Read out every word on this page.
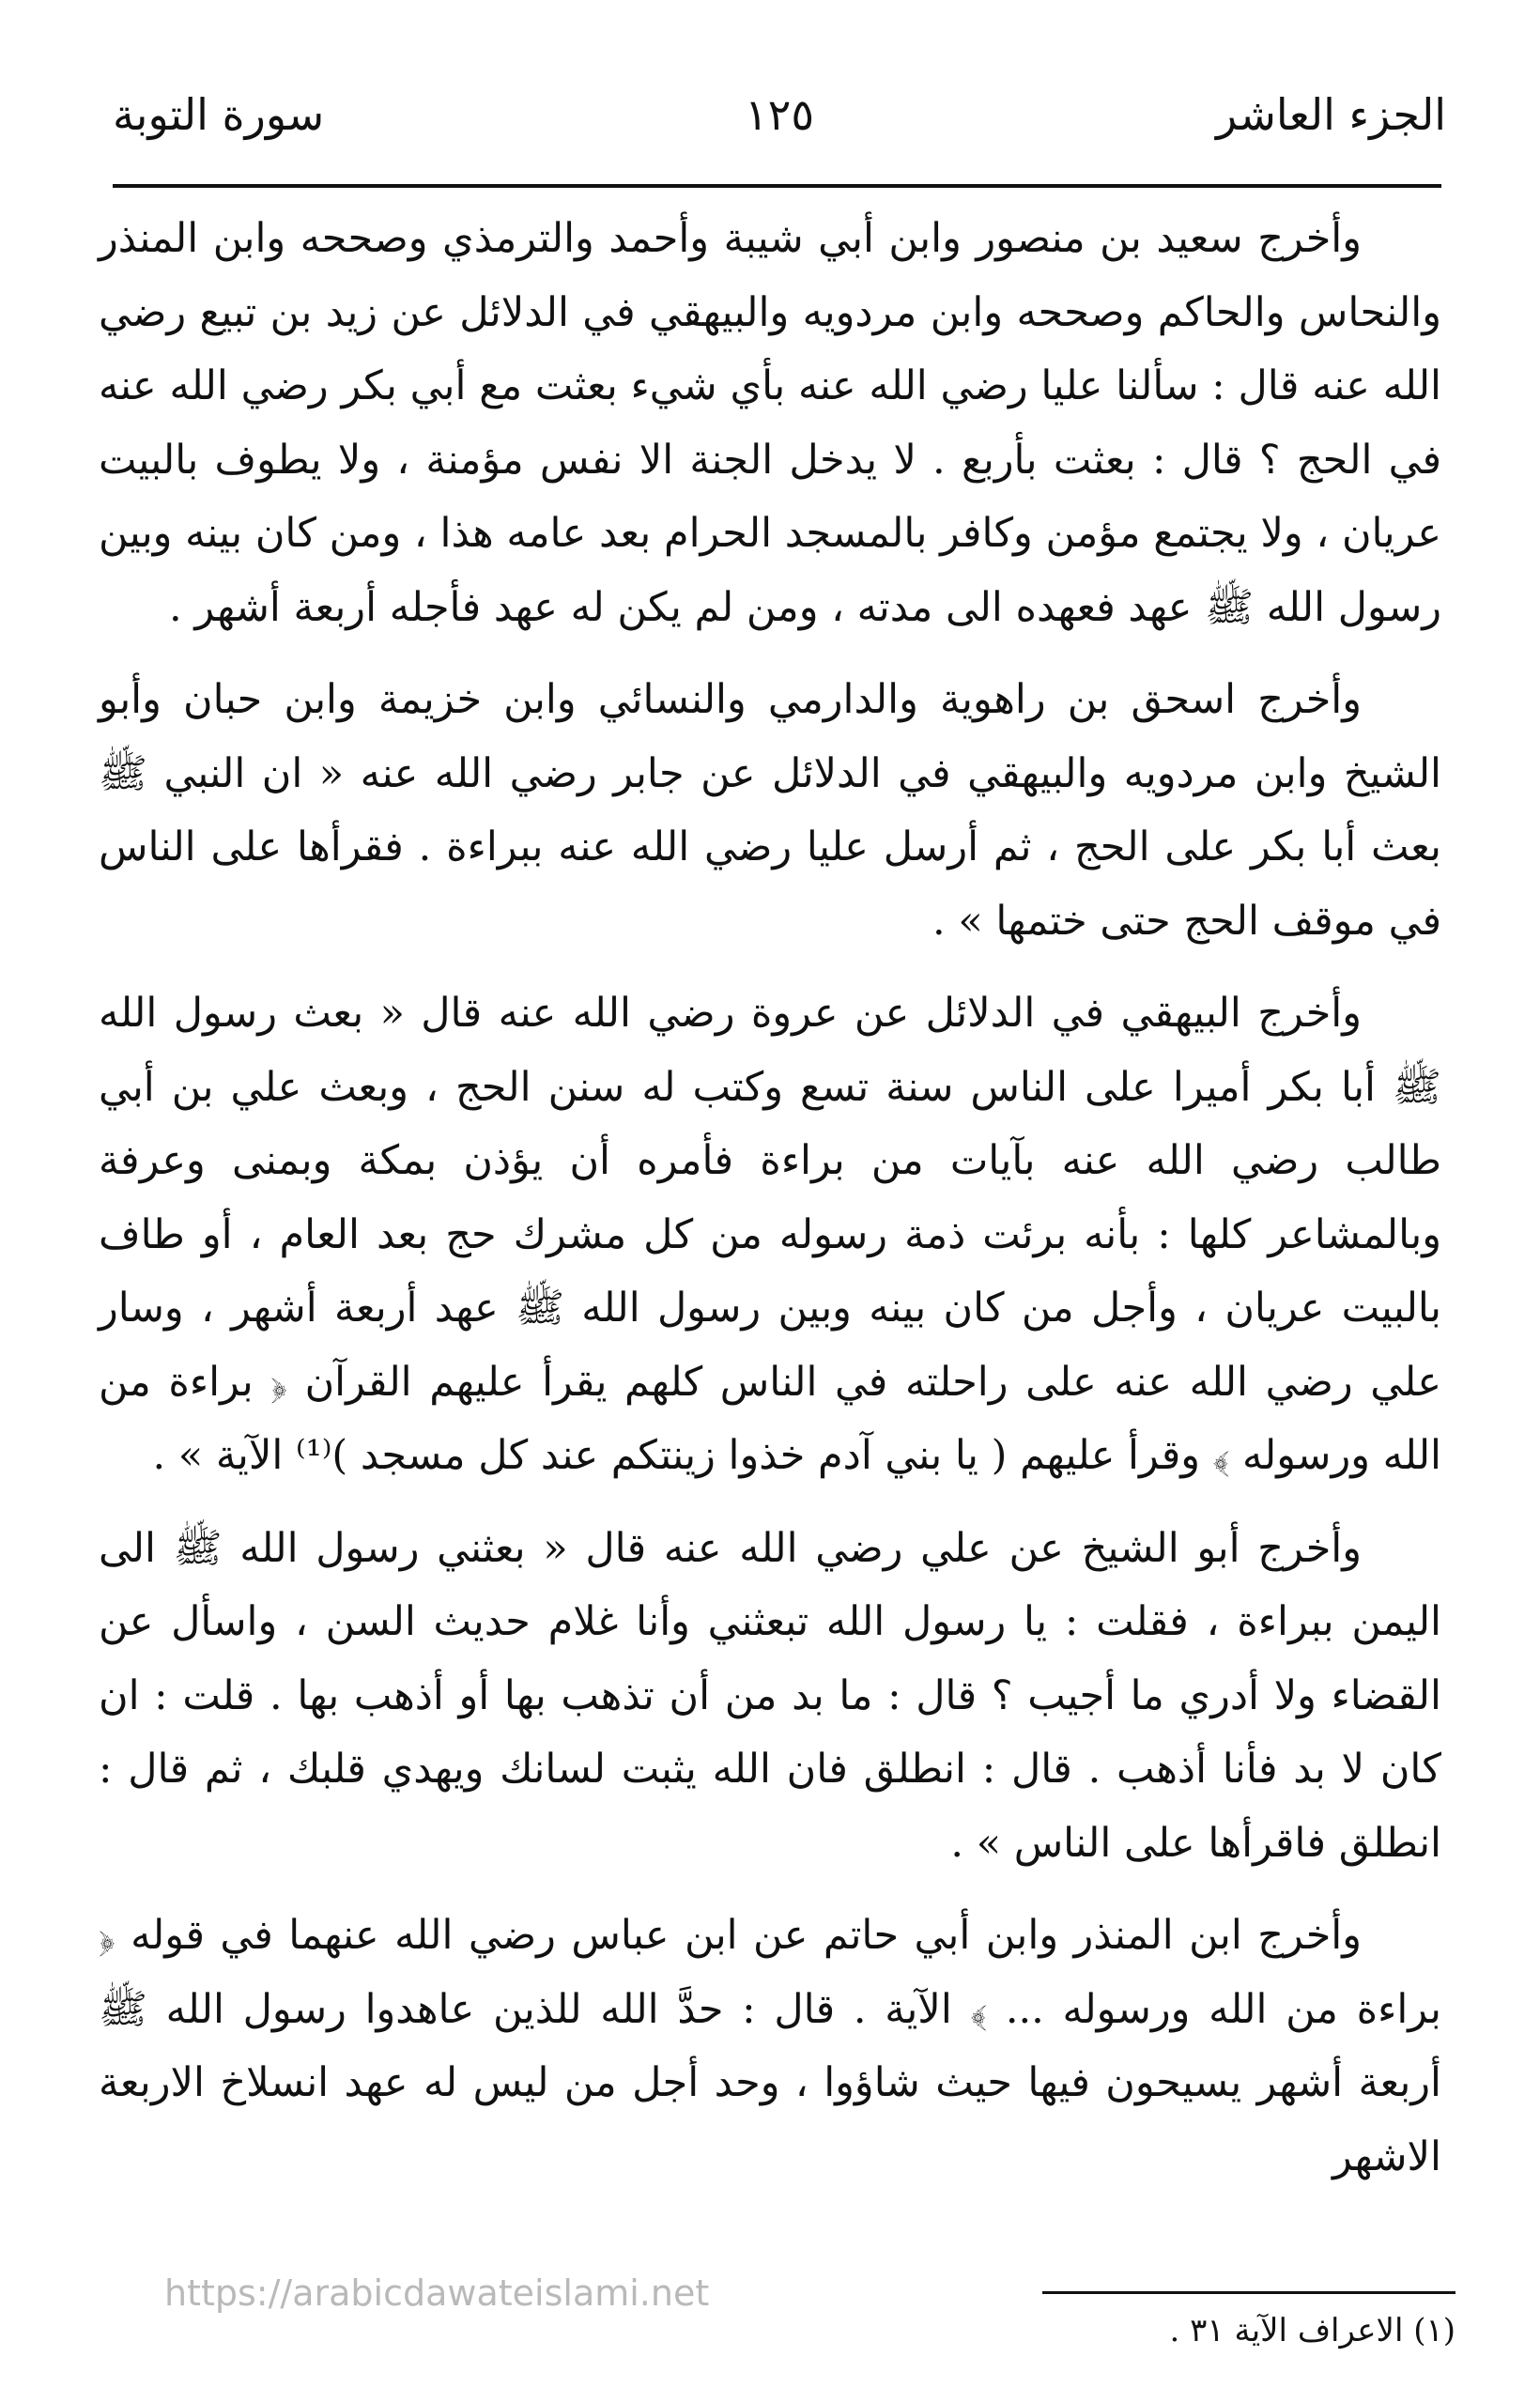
الجزء العاشر
١٢٥
سورة التوبة

وأخرج سعيد بن منصور وابن أبي شيبة وأحمد والترمذي وصححه وابن المنذر والنحاس والحاكم وصححه وابن مردويه والبيهقي في الدلائل عن زيد بن تبيع رضي الله عنه قال : سألنا عليا رضي الله عنه بأي شيء بعثت مع أبي بكر رضي الله عنه في الحج ؟ قال : بعثت بأربع . لا يدخل الجنة الا نفس مؤمنة ، ولا يطوف بالبيت عريان ، ولا يجتمع مؤمن وكافر بالمسجد الحرام بعد عامه هذا ، ومن كان بينه وبين رسول الله ﷺ عهد فعهده الى مدته ، ومن لم يكن له عهد فأجله أربعة أشهر .

وأخرج اسحق بن راهوية والدارمي والنسائي وابن خزيمة وابن حبان وأبو الشيخ وابن مردويه والبيهقي في الدلائل عن جابر رضي الله عنه « ان النبي ﷺ بعث أبا بكر على الحج ، ثم أرسل عليا رضي الله عنه ببراءة . فقرأها على الناس في موقف الحج حتى ختمها » .

وأخرج البيهقي في الدلائل عن عروة رضي الله عنه قال « بعث رسول الله ﷺ أبا بكر أميرا على الناس سنة تسع وكتب له سنن الحج ، وبعث علي بن أبي طالب رضي الله عنه بآيات من براءة فأمره أن يؤذن بمكة وبمنى وعرفة وبالمشاعر كلها : بأنه برئت ذمة رسوله من كل مشرك حج بعد العام ، أو طاف بالبيت عريان ، وأجل من كان بينه وبين رسول الله ﷺ عهد أربعة أشهر ، وسار علي رضي الله عنه على راحلته في الناس كلهم يقرأ عليهم القرآن ﴿ براءة من الله ورسوله ﴾ وقرأ عليهم ( يا بني آدم خذوا زينتكم عند كل مسجد )⁽¹⁾ الآية » .

وأخرج أبو الشيخ عن علي رضي الله عنه قال « بعثني رسول الله ﷺ الى اليمن ببراءة ، فقلت : يا رسول الله تبعثني وأنا غلام حديث السن ، واسأل عن القضاء ولا أدري ما أجيب ؟ قال : ما بد من أن تذهب بها أو أذهب بها . قلت : ان كان لا بد فأنا أذهب . قال : انطلق فان الله يثبت لسانك ويهدي قلبك ، ثم قال : انطلق فاقرأها على الناس » .

وأخرج ابن المنذر وابن أبي حاتم عن ابن عباس رضي الله عنهما في قوله ﴿ براءة من الله ورسوله ... ﴾ الآية . قال : حدَّ الله للذين عاهدوا رسول الله ﷺ أربعة أشهر يسيحون فيها حيث شاؤوا ، وحد أجل من ليس له عهد انسلاخ الاربعة الاشهر

https://arabicdawateislami.net
(١) الاعراف الآية ٣١ .
